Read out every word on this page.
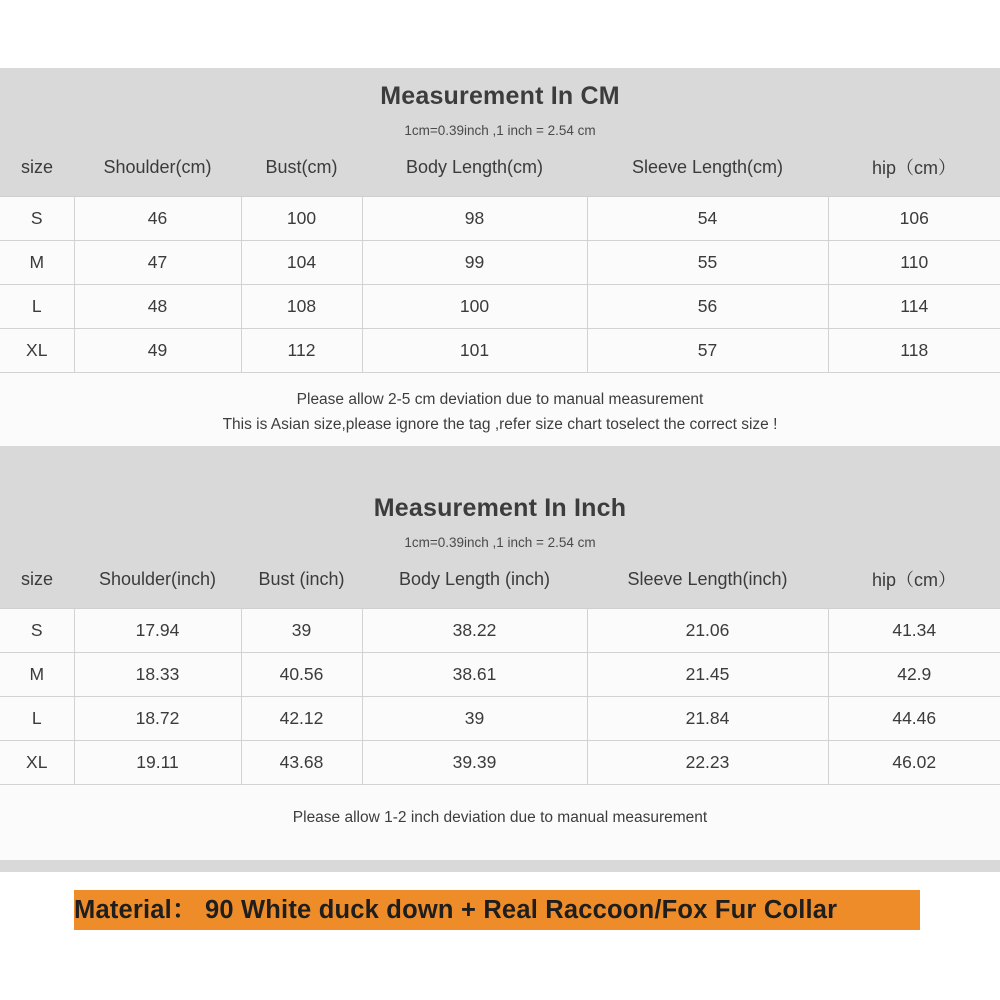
Measurement In CM
1cm=0.39inch ,1 inch = 2.54 cm
size	Shoulder(cm)	Bust(cm)	Body Length(cm)	Sleeve Length(cm)	hip（cm）
S	46	100	98	54	106
M	47	104	99	55	110
L	48	108	100	56	114
XL	49	112	101	57	118
Please allow 2-5 cm deviation due to manual measurement
This is Asian size,please ignore the tag ,refer size chart toselect the correct size !
Measurement In Inch
1cm=0.39inch ,1 inch = 2.54 cm
size	Shoulder(inch)	Bust (inch)	Body Length (inch)	Sleeve Length(inch)	hip（cm）
S	17.94	39	38.22	21.06	41.34
M	18.33	40.56	38.61	21.45	42.9
L	18.72	42.12	39	21.84	44.46
XL	19.11	43.68	39.39	22.23	46.02
Please allow 1-2 inch deviation due to manual measurement
Material： 90 White duck down + Real Raccoon/Fox Fur Collar
